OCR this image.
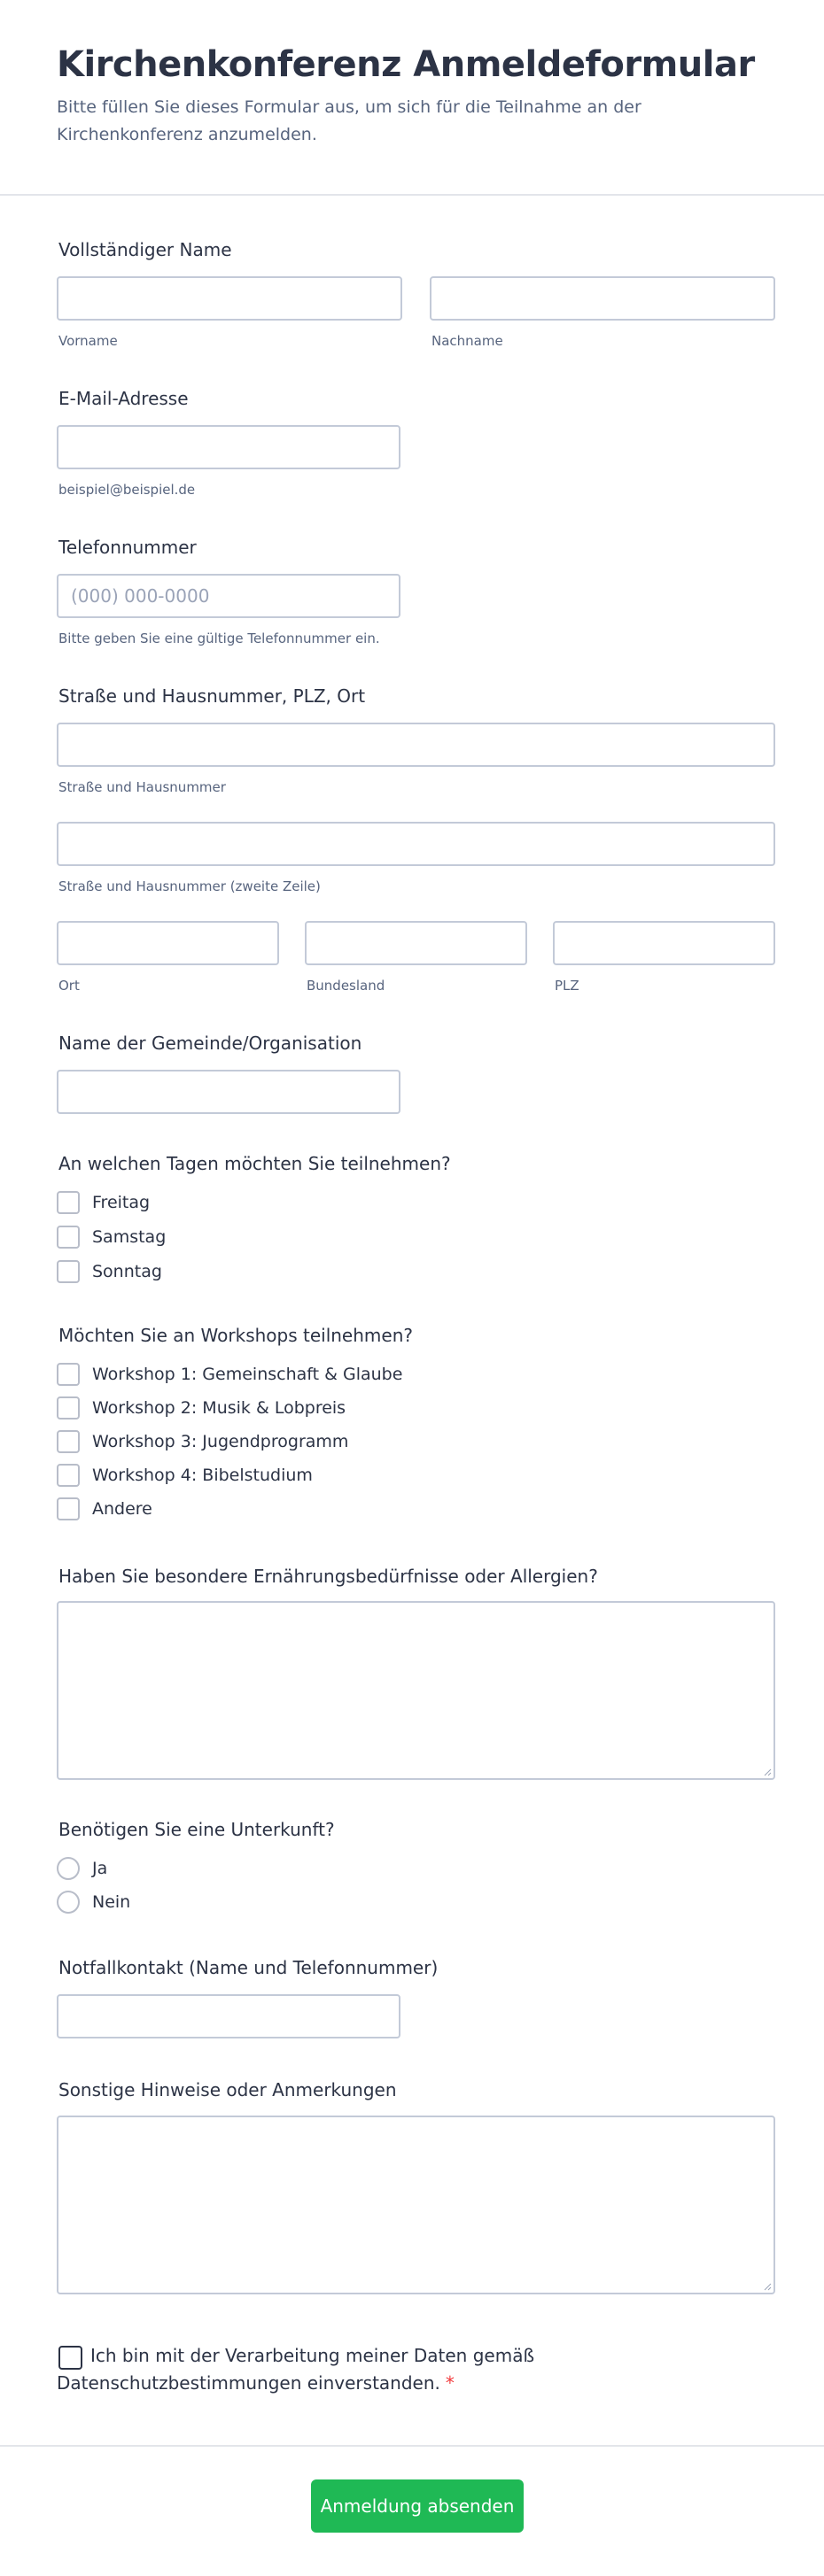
Kirchenkonferenz Anmeldeformular
Bitte füllen Sie dieses Formular aus, um sich für die Teilnahme an der Kirchenkonferenz anzumelden.
Vollständiger Name
Vorname	Nachname
E-Mail-Adresse
beispiel@beispiel.de
Telefonnummer
(000) 000-0000
Bitte geben Sie eine gültige Telefonnummer ein.
Straße und Hausnummer, PLZ, Ort
Straße und Hausnummer
Straße und Hausnummer (zweite Zeile)
Ort	Bundesland	PLZ
Name der Gemeinde/Organisation
An welchen Tagen möchten Sie teilnehmen?
Freitag
Samstag
Sonntag
Möchten Sie an Workshops teilnehmen?
Workshop 1: Gemeinschaft & Glaube
Workshop 2: Musik & Lobpreis
Workshop 3: Jugendprogramm
Workshop 4: Bibelstudium
Andere
Haben Sie besondere Ernährungsbedürfnisse oder Allergien?
Benötigen Sie eine Unterkunft?
Ja
Nein
Notfallkontakt (Name und Telefonnummer)
Sonstige Hinweise oder Anmerkungen
Ich bin mit der Verarbeitung meiner Daten gemäß Datenschutzbestimmungen einverstanden. *
Anmeldung absenden
